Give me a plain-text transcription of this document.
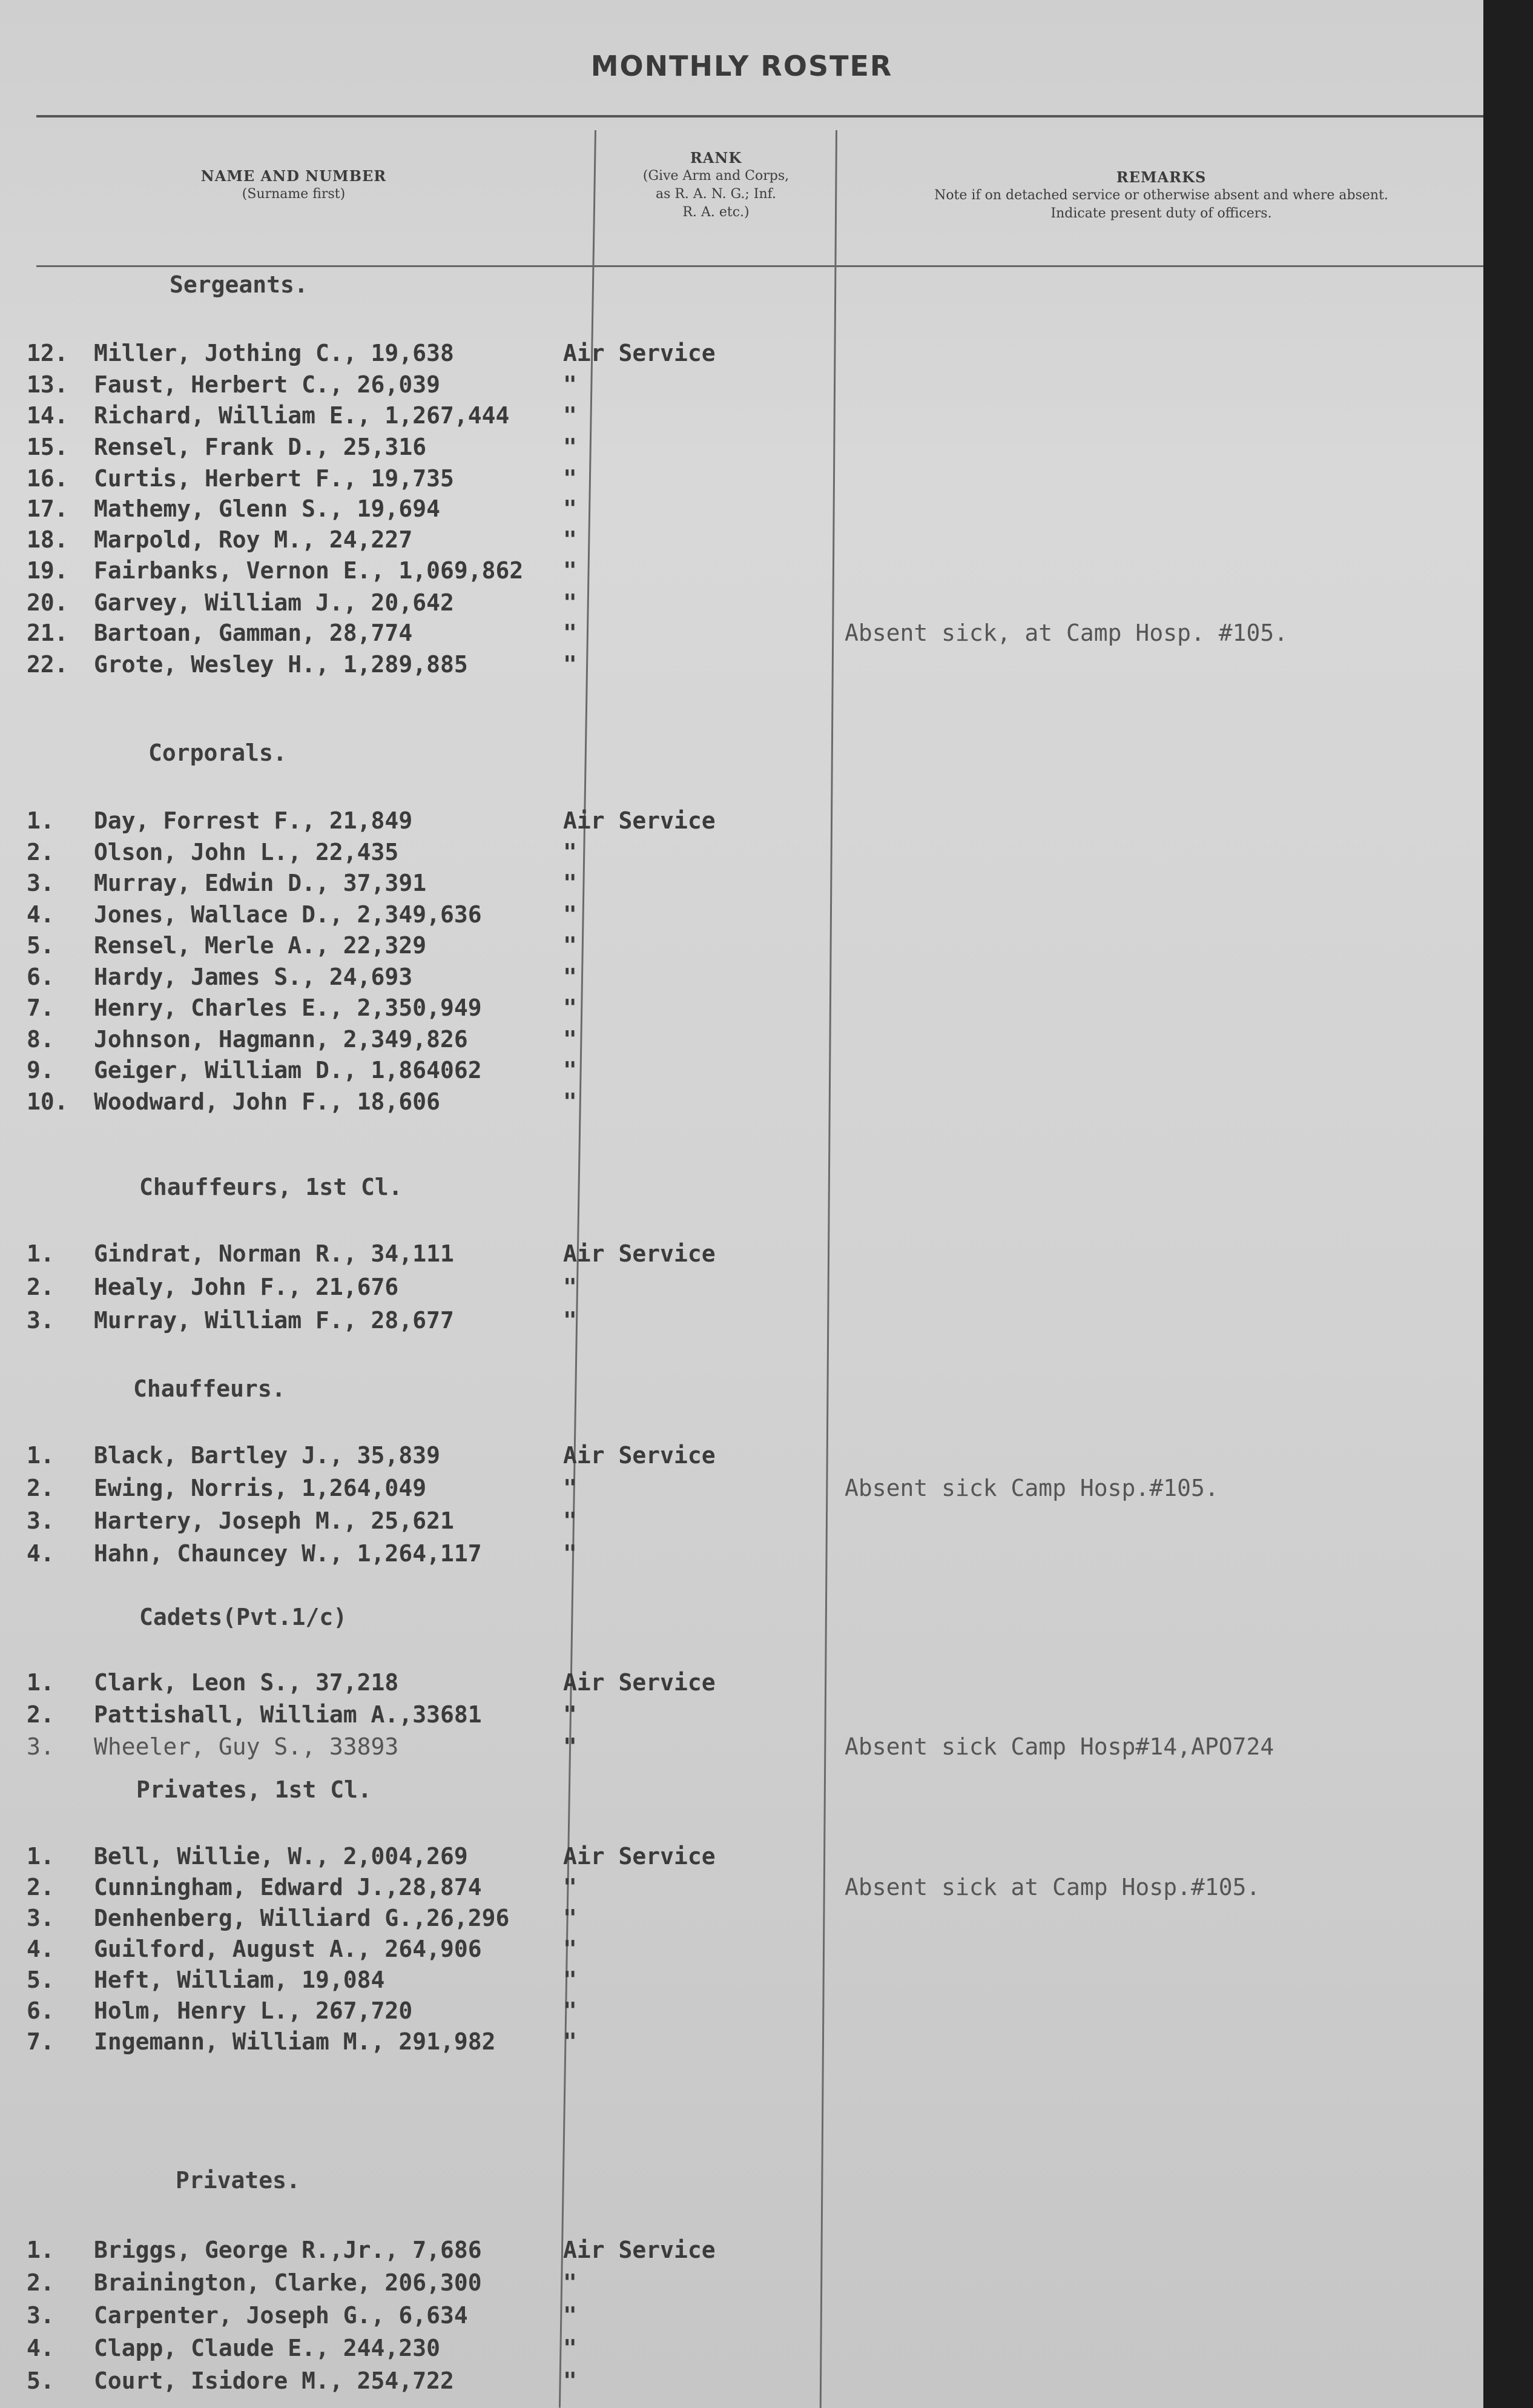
MONTHLY ROSTER
NAME AND NUMBER
(Surname first)
RANK
(Give Arm and Corps,
as R. A. N. G.; Inf.
R. A. etc.)
REMARKS
Note if on detached service or otherwise absent and where absent.
Indicate present duty of officers.
Sergeants.
12.	Miller, Jothing C., 19,638	Air Service
13.	Faust, Herbert C., 26,039	"
14.	Richard, William E., 1,267,444 "
15.	Rensel, Frank D., 25,316	"
16.	Curtis, Herbert F., 19,735	"
17.	Mathemy, Glenn S., 19,694	"
18.	Marpold, Roy M., 24,227	"
19.	Fairbanks, Vernon E., 1,069,862 "
20.	Garvey, William J., 20,642	"
21.	Bartoan, Gamman, 28,774	"	Absent sick, at Camp Hosp. #105.
22.	Grote, Wesley H., 1,289,885	"
Corporals.
1.	Day, Forrest F., 21,849	Air Service
2.	Olson, John L., 22,435	"
3.	Murray, Edwin D., 37,391	"
4.	Jones, Wallace D., 2,349,636	"
5.	Rensel, Merle A., 22,329	"
6.	Hardy, James S., 24,693	"
7.	Henry, Charles E., 2,350,949	"
8.	Johnson, Hagmann, 2,349,826	"
9.	Geiger, William D., 1,864062	"
10.	Woodward, John F., 18,606	"
Chauffeurs, 1st Cl.
1.	Gindrat, Norman R., 34,111	Air Service
2.	Healy, John F., 21,676	"
3.	Murray, William F., 28,677	"
Chauffeurs.
1.	Black, Bartley J., 35,839	Air Service
2.	Ewing, Norris, 1,264,049	"	Absent sick Camp Hosp.#105.
3.	Hartery, Joseph M., 25,621	"
4.	Hahn, Chauncey W., 1,264,117	"
Cadets(Pvt.1/c)
1.	Clark, Leon S., 37,218	Air Service
2.	Pattishall, William A.,33681	"
3.	Wheeler, Guy S., 33893	"	Absent sick Camp Hosp#14,APO724
Privates, 1st Cl.
1.	Bell, Willie, W., 2,004,269	Air Service
2.	Cunningham, Edward J.,28,874	"	Absent sick at Camp Hosp.#105.
3.	Denhenberg, Williard G.,26,296 "
4.	Guilford, August A., 264,906	"
5.	Heft, William, 19,084	"
6.	Holm, Henry L., 267,720	"
7.	Ingemann, William M., 291,982	"
Privates.
1.	Briggs, George R.,Jr., 7,686	Air Service
2.	Brainington, Clarke, 206,300	"
3.	Carpenter, Joseph G., 6,634	"
4.	Clapp, Claude E., 244,230	"
5.	Court, Isidore M., 254,722	"
